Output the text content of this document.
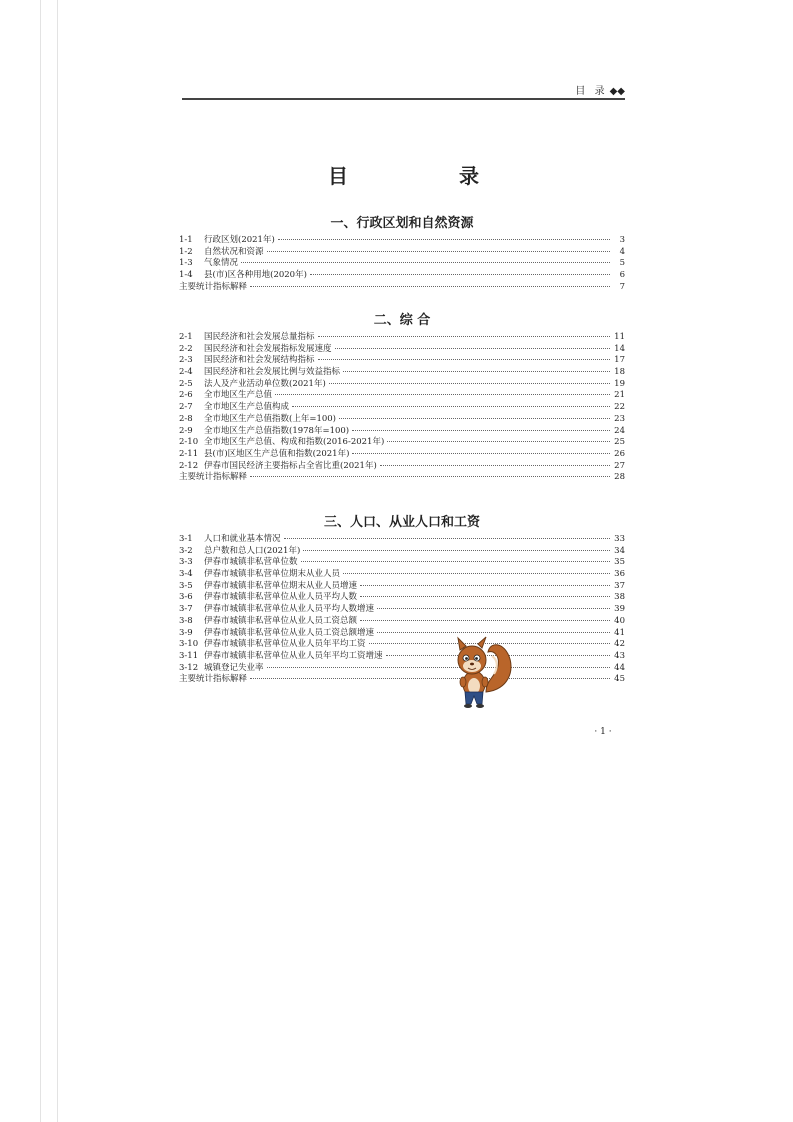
目 录 ◆◆
目 录
一、行政区划和自然资源
1-1	行政区划(2021年)	3
1-2	自然状况和资源	4
1-3	气象情况	5
1-4	县(市)区各种用地(2020年)	6
主要统计指标解释	7
二、综 合
2-1	国民经济和社会发展总量指标	11
2-2	国民经济和社会发展指标发展速度	14
2-3	国民经济和社会发展结构指标	17
2-4	国民经济和社会发展比例与效益指标	18
2-5	法人及产业活动单位数(2021年)	19
2-6	全市地区生产总值	21
2-7	全市地区生产总值构成	22
2-8	全市地区生产总值指数(上年=100)	23
2-9	全市地区生产总值指数(1978年=100)	24
2-10 全市地区生产总值、构成和指数(2016-2021年)	25
2-11 县(市)区地区生产总值和指数(2021年)	26
2-12 伊春市国民经济主要指标占全省比重(2021年)	27
主要统计指标解释	28
三、人口、从业人口和工资
3-1	人口和就业基本情况	33
3-2	总户数和总人口(2021年)	34
3-3	伊春市城镇非私营单位数	35
3-4	伊春市城镇非私营单位期末从业人员	36
3-5	伊春市城镇非私营单位期末从业人员增速	37
3-6	伊春市城镇非私营单位从业人员平均人数	38
3-7	伊春市城镇非私营单位从业人员平均人数增速	39
3-8	伊春市城镇非私营单位从业人员工资总额	40
3-9	伊春市城镇非私营单位从业人员工资总额增速	41
3-10 伊春市城镇非私营单位从业人员年平均工资	42
3-11 伊春市城镇非私营单位从业人员年平均工资增速	43
3-12 城镇登记失业率	44
主要统计指标解释	45
· 1 ·
